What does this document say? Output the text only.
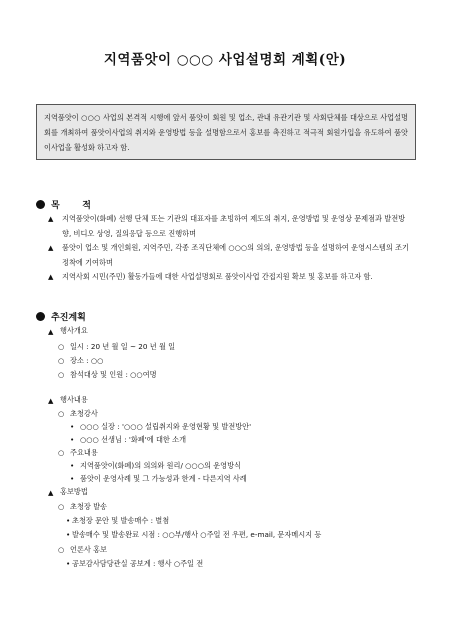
지역품앗이 ○○○ 사업설명회 계획(안)
지역품앗이 ○○○ 사업의 본격적 시행에 앞서 품앗이 회원 및 업소, 관내 유관기관 및 사회단체를 대상으로 사업설명회를 개최하여 품앗이사업의 취지와 운영방법 등을 설명함으로서 홍보를 촉진하고 적극적 회원가입을 유도하여 품앗이사업을 활성화 하고자 함.
목    적
▲ 지역품앗이(화폐) 선행 단체 또는 기관의 대표자를 초빙하여 제도의 취지, 운영방법 및 운영상 문제점과 발전방향, 비디오 상영, 질의응답 등으로 진행하며
▲ 품앗이 업소 및 개인회원, 지역주민, 각종 조직단체에 ○○○의 의의, 운영방법 등을 설명하여 운영시스템의 조기정착에 기여하며
▲ 지역사회 시민(주민) 활동가들에 대한 사업설명회로 품앗이사업 간접지원 확보 및 홍보를 하고자 함.
추진계획
▲ 행사개요
○ 일시 : 20 년 월 일 ~ 20 년 월 일
○ 장소 : ○○
○ 참석대상 및 인원 : ○○여명
▲ 행사내용
○ 초청강사
• ○○○ 실장 : '○○○ 설립취지와 운영현황 및 발전방안'
• ○○○ 선생님 : '화폐'에 대한 소개
○ 주요내용
• 지역품앗이(화폐)의 의의와 원리/ ○○○의 운영방식
• 품앗이 운영사례 및 그 가능성과 한계 - 다른지역 사례
▲ 홍보방법
○ 초청장 발송
• 초청장 문안 및 발송매수 : 별첨
• 발송매수 및 발송완료 시점 : ○○부/행사 ○주일 전 우편, e-mail, 문자메시지 등
○ 언론사 홍보
• 공보감사담당관실 공보계 : 행사 ○주일 전
